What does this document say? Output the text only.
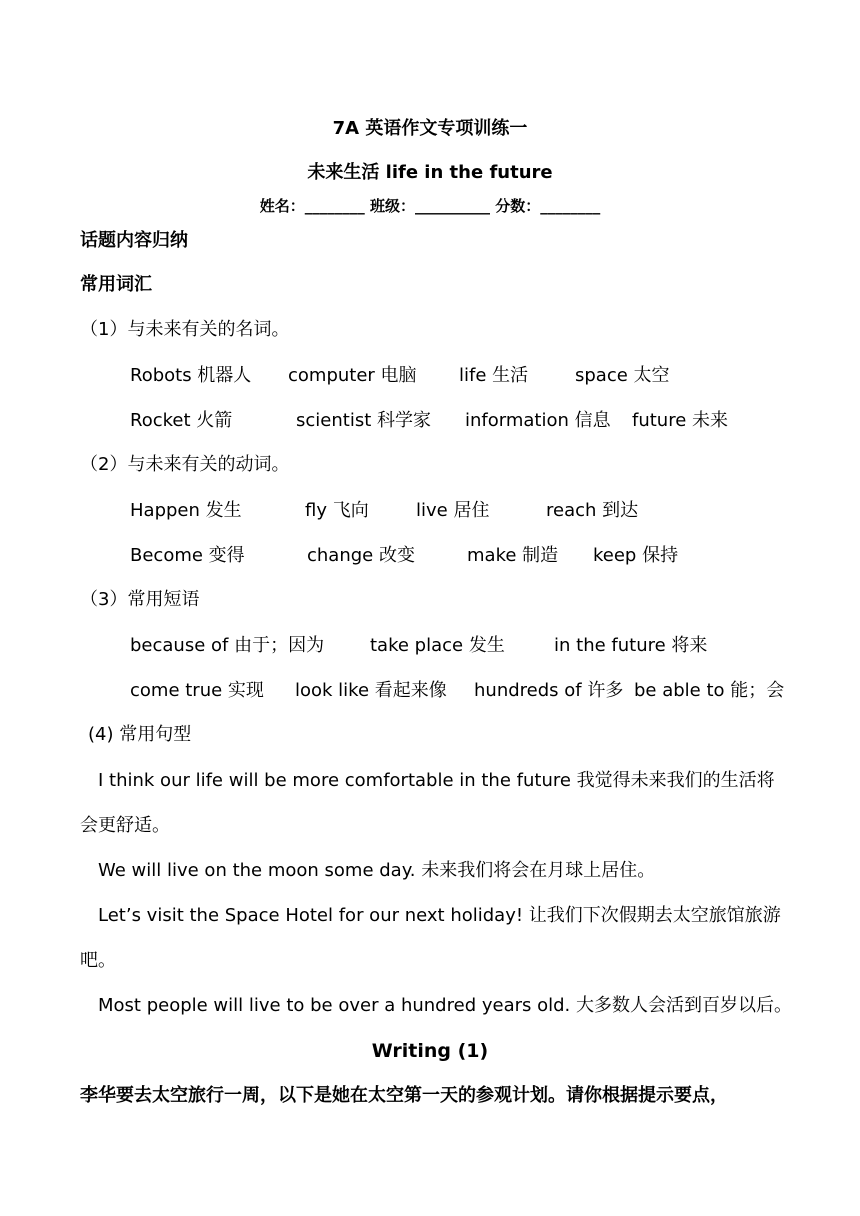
7A 英语作文专项训练一
未来生活 life in the future
姓名：________ 班级：__________ 分数：________
话题内容归纳
常用词汇
（1）与未来有关的名词。
Robots 机器人 computer 电脑 life 生活	space 太空
Rocket 火箭	scientist 科学家 information 信息 future 未来
（2）与未来有关的动词。
Happen 发生	fly 飞向	live 居住	reach 到达
Become 变得	change 改变	make 制造 keep 保持
（3）常用短语
because of 由于；因为	take place 发生	in the future 将来
come true 实现 look like 看起来像 hundreds of 许多 be able to 能；会
(4) 常用句型
I think our life will be more comfortable in the future 我觉得未来我们的生活将
会更舒适。
We will live on the moon some day. 未来我们将会在月球上居住。
Let’s visit the Space Hotel for our next holiday! 让我们下次假期去太空旅馆旅游
吧。
Most people will live to be over a hundred years old. 大多数人会活到百岁以后。
Writing (1)
李华要去太空旅行一周，以下是她在太空第一天的参观计划。请你根据提示要点，
